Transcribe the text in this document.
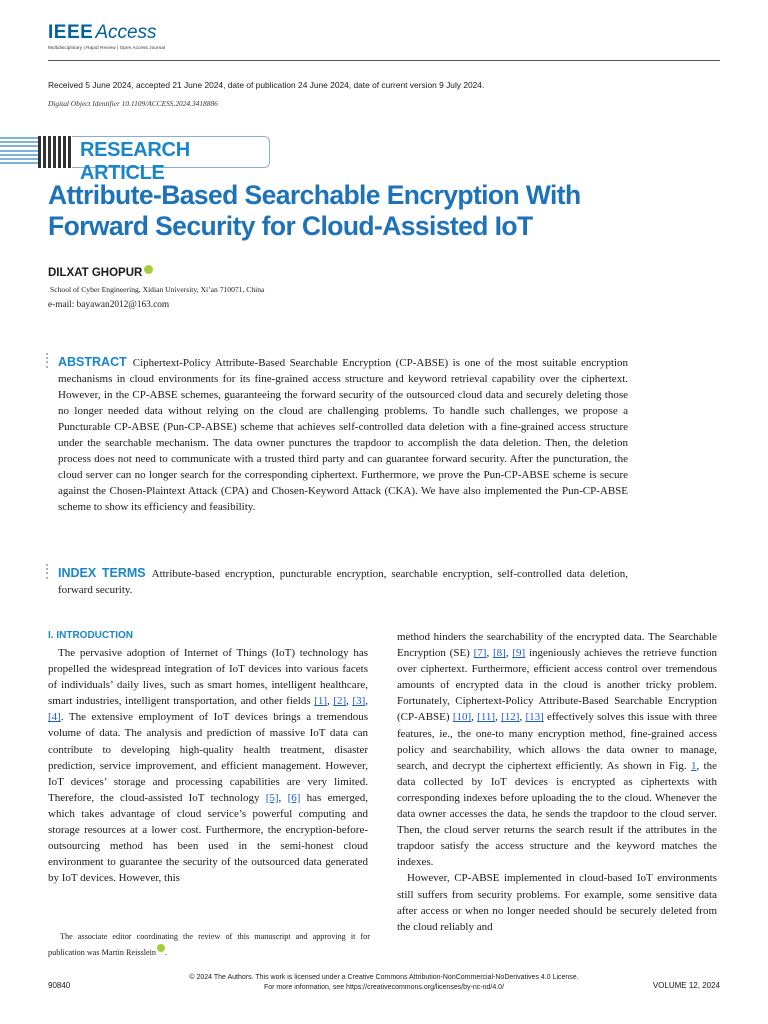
IEEE Access
Multidisciplinary | Rapid Review | Open Access Journal
Received 5 June 2024, accepted 21 June 2024, date of publication 24 June 2024, date of current version 9 July 2024.
Digital Object Identifier 10.1109/ACCESS.2024.3418886
RESEARCH ARTICLE
Attribute-Based Searchable Encryption With
Forward Security for Cloud-Assisted IoT
DILXAT GHOPUR
School of Cyber Engineering, Xidian University, Xi’an 710071, China
e-mail: bayawan2012@163.com
ABSTRACT Ciphertext-Policy Attribute-Based Searchable Encryption (CP-ABSE) is one of the most suitable encryption mechanisms in cloud environments for its fine-grained access structure and keyword retrieval capability over the ciphertext. However, in the CP-ABSE schemes, guaranteeing the forward security of the outsourced cloud data and securely deleting those no longer needed data without relying on the cloud are challenging problems. To handle such challenges, we propose a Puncturable CP-ABSE (Pun-CP-ABSE) scheme that achieves self-controlled data deletion with a fine-grained access structure under the searchable mechanism. The data owner punctures the trapdoor to accomplish the data deletion. Then, the deletion process does not need to communicate with a trusted third party and can guarantee forward security. After the puncturation, the cloud server can no longer search for the corresponding ciphertext. Furthermore, we prove the Pun-CP-ABSE scheme is secure against the Chosen-Plaintext Attack (CPA) and Chosen-Keyword Attack (CKA). We have also implemented the Pun-CP-ABSE scheme to show its efficiency and feasibility.
INDEX TERMS Attribute-based encryption, puncturable encryption, searchable encryption, self-controlled data deletion, forward security.
I. INTRODUCTION

The pervasive adoption of Internet of Things (IoT) technology has propelled the widespread integration of IoT devices into various facets of individuals’ daily lives, such as smart homes, intelligent healthcare, smart industries, intelligent transportation, and other fields [1], [2], [3], [4]. The extensive employment of IoT devices brings a tremendous volume of data. The analysis and prediction of massive IoT data can contribute to developing high-quality health treatment, disaster prediction, service improvement, and efficient management. However, IoT devices’ storage and processing capabilities are very limited. Therefore, the cloud-assisted IoT technology [5], [6] has emerged, which takes advantage of cloud service’s powerful computing and storage resources at a lower cost. Furthermore, the encryption-before-outsourcing method has been used in the semi-honest cloud environment to guarantee the security of the outsourced data generated by IoT devices. However, this

method hinders the searchability of the encrypted data. The Searchable Encryption (SE) [7], [8], [9] ingeniously achieves the retrieve function over ciphertext. Furthermore, efficient access control over tremendous amounts of encrypted data in the cloud is another tricky problem. Fortunately, Ciphertext-Policy Attribute-Based Searchable Encryption (CP-ABSE) [10], [11], [12], [13] effectively solves this issue with three features, ie., the one-to many encryption method, fine-grained access policy and searchability, which allows the data owner to manage, search, and decrypt the ciphertext efficiently. As shown in Fig. 1, the data collected by IoT devices is encrypted as ciphertexts with corresponding indexes before uploading the to the cloud. Whenever the data owner accesses the data, he sends the trapdoor to the cloud server. Then, the cloud server returns the search result if the attributes in the trapdoor satisfy the access structure and the keyword matches the indexes.

However, CP-ABSE implemented in cloud-based IoT environments still suffers from security problems. For example, some sensitive data after access or when no longer needed should be securely deleted from the cloud reliably and

The associate editor coordinating the review of this manuscript and approving it for publication was Martin Reisslein .
© 2024 The Authors. This work is licensed under a Creative Commons Attribution-NonCommercial-NoDerivatives 4.0 License.
For more information, see https://creativecommons.org/licenses/by-nc-nd/4.0/
90840	VOLUME 12, 2024
